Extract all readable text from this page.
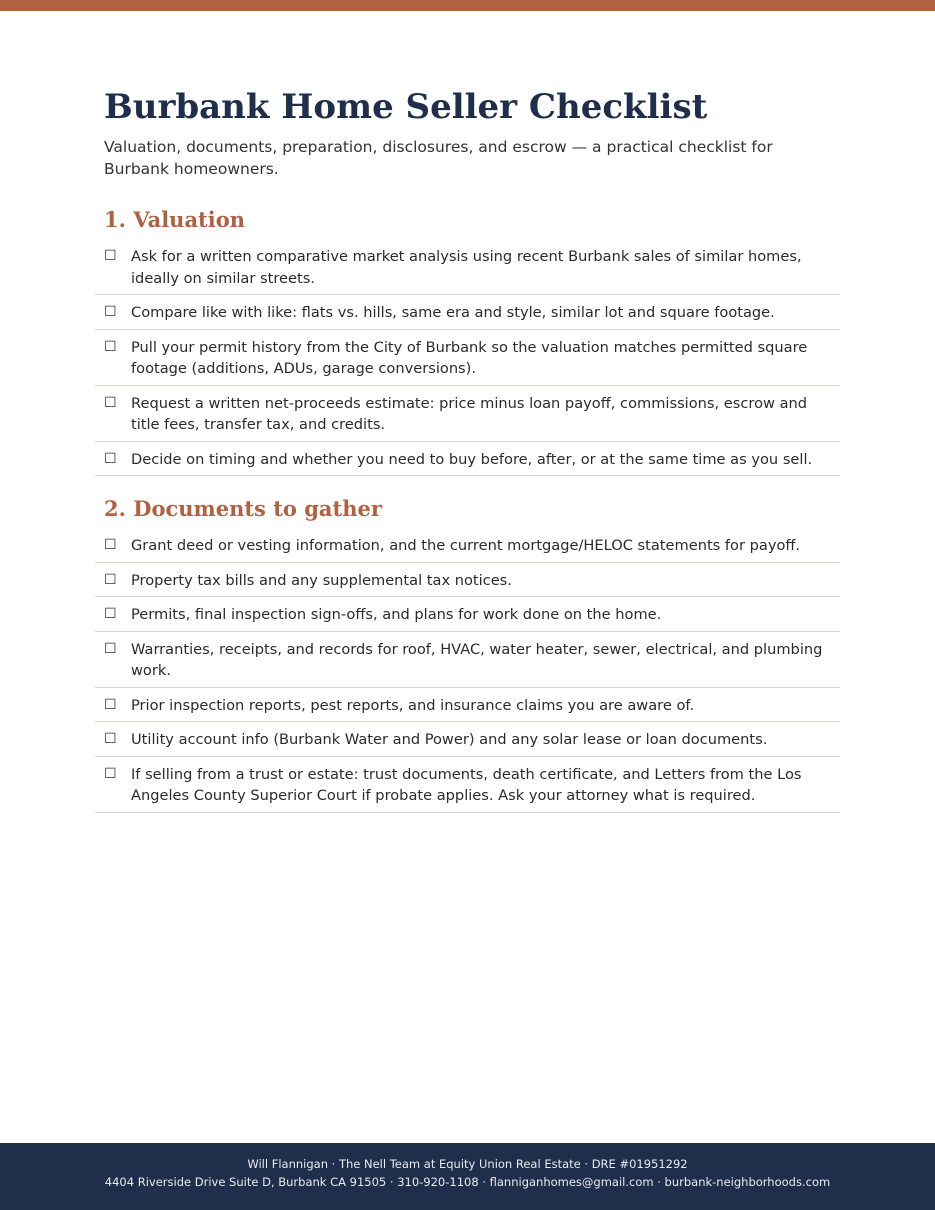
Burbank Home Seller Checklist

Valuation, documents, preparation, disclosures, and escrow — a practical checklist for Burbank homeowners.

1. Valuation
☐ Ask for a written comparative market analysis using recent Burbank sales of similar homes, ideally on similar streets.
☐ Compare like with like: flats vs. hills, same era and style, similar lot and square footage.
☐ Pull your permit history from the City of Burbank so the valuation matches permitted square footage (additions, ADUs, garage conversions).
☐ Request a written net-proceeds estimate: price minus loan payoff, commissions, escrow and title fees, transfer tax, and credits.
☐ Decide on timing and whether you need to buy before, after, or at the same time as you sell.
2. Documents to gather
☐ Grant deed or vesting information, and the current mortgage/HELOC statements for payoff.
☐ Property tax bills and any supplemental tax notices.
☐ Permits, final inspection sign-offs, and plans for work done on the home.
☐ Warranties, receipts, and records for roof, HVAC, water heater, sewer, electrical, and plumbing work.
☐ Prior inspection reports, pest reports, and insurance claims you are aware of.
☐ Utility account info (Burbank Water and Power) and any solar lease or loan documents.
☐ If selling from a trust or estate: trust documents, death certificate, and Letters from the Los Angeles County Superior Court if probate applies. Ask your attorney what is required.
Will Flannigan · The Nell Team at Equity Union Real Estate · DRE #01951292
4404 Riverside Drive Suite D, Burbank CA 91505 · 310-920-1108 · flanniganhomes@gmail.com · burbank-neighborhoods.com
